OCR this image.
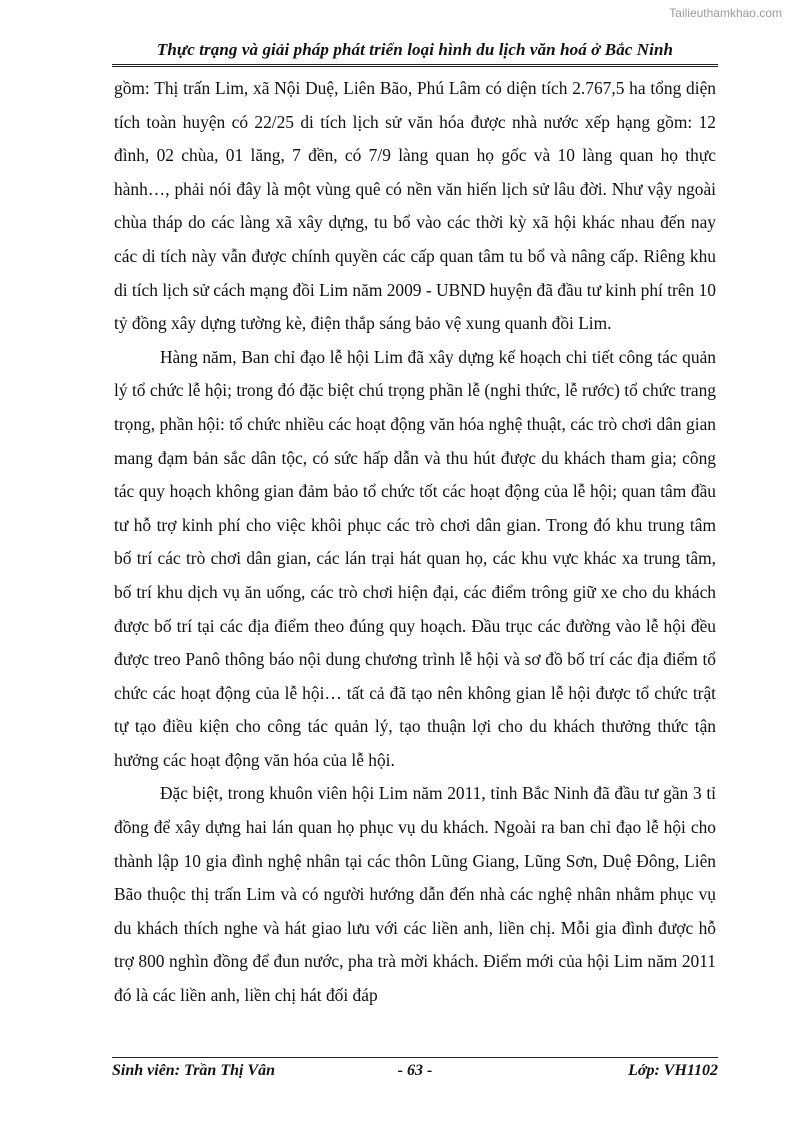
Tailieuthamkhao.com
Thực trạng và giải pháp phát triển loại hình du lịch văn hoá ở Bắc Ninh

gồm: Thị trấn Lim, xã Nội Duệ, Liên Bão, Phú Lâm có diện tích 2.767,5 ha tổng diện tích toàn huyện có 22/25 di tích lịch sử văn hóa được nhà nước xếp hạng gồm: 12 đình, 02 chùa, 01 lăng, 7 đền, có 7/9 làng quan họ gốc và 10 làng quan họ thực hành…, phải nói đây là một vùng quê có nền văn hiến lịch sử lâu đời. Như vậy ngoài chùa tháp do các làng xã xây dựng, tu bổ vào các thời kỳ xã hội khác nhau đến nay các di tích này vẫn được chính quyền các cấp quan tâm tu bổ và nâng cấp. Riêng khu di tích lịch sử cách mạng đồi Lim năm 2009 - UBND huyện đã đầu tư kinh phí trên 10 tỷ đồng xây dựng tường kè, điện thắp sáng bảo vệ xung quanh đồi Lim.

Hàng năm, Ban chỉ đạo lễ hội Lim đã xây dựng kế hoạch chi tiết công tác quản lý tổ chức lễ hội; trong đó đặc biệt chú trọng phần lễ (nghi thức, lễ rước) tổ chức trang trọng, phần hội: tổ chức nhiều các hoạt động văn hóa nghệ thuật, các trò chơi dân gian mang đạm bản sắc dân tộc, có sức hấp dẫn và thu hút được du khách tham gia; công tác quy hoạch không gian đảm bảo tổ chức tốt các hoạt động của lễ hội; quan tâm đầu tư hỗ trợ kinh phí cho việc khôi phục các trò chơi dân gian. Trong đó khu trung tâm bố trí các trò chơi dân gian, các lán trại hát quan họ, các khu vực khác xa trung tâm, bố trí khu dịch vụ ăn uống, các trò chơi hiện đại, các điểm trông giữ xe cho du khách được bố trí tại các địa điểm theo đúng quy hoạch. Đầu trục các đường vào lễ hội đều được treo Panô thông báo nội dung chương trình lễ hội và sơ đồ bố trí các địa điểm tổ chức các hoạt động của lễ hội… tất cả đã tạo nên không gian lễ hội được tổ chức trật tự tạo điều kiện cho công tác quản lý, tạo thuận lợi cho du khách thưởng thức tận hưởng các hoạt động văn hóa của lễ hội.

Đặc biệt, trong khuôn viên hội Lim năm 2011, tỉnh Bắc Ninh đã đầu tư gần 3 tỉ đồng để xây dựng hai lán quan họ phục vụ du khách. Ngoài ra ban chỉ đạo lễ hội cho thành lập 10 gia đình nghệ nhân tại các thôn Lũng Giang, Lũng Sơn, Duệ Đông, Liên Bão thuộc thị trấn Lim và có người hướng dẫn đến nhà các nghệ nhân nhằm phục vụ du khách thích nghe và hát giao lưu với các liền anh, liền chị. Mỗi gia đình được hỗ trợ 800 nghìn đồng để đun nước, pha trà mời khách. Điểm mới của hội Lim năm 2011 đó là các liền anh, liền chị hát đối đáp

Sinh viên: Trần Thị Vân	- 63 -	Lớp: VH1102
